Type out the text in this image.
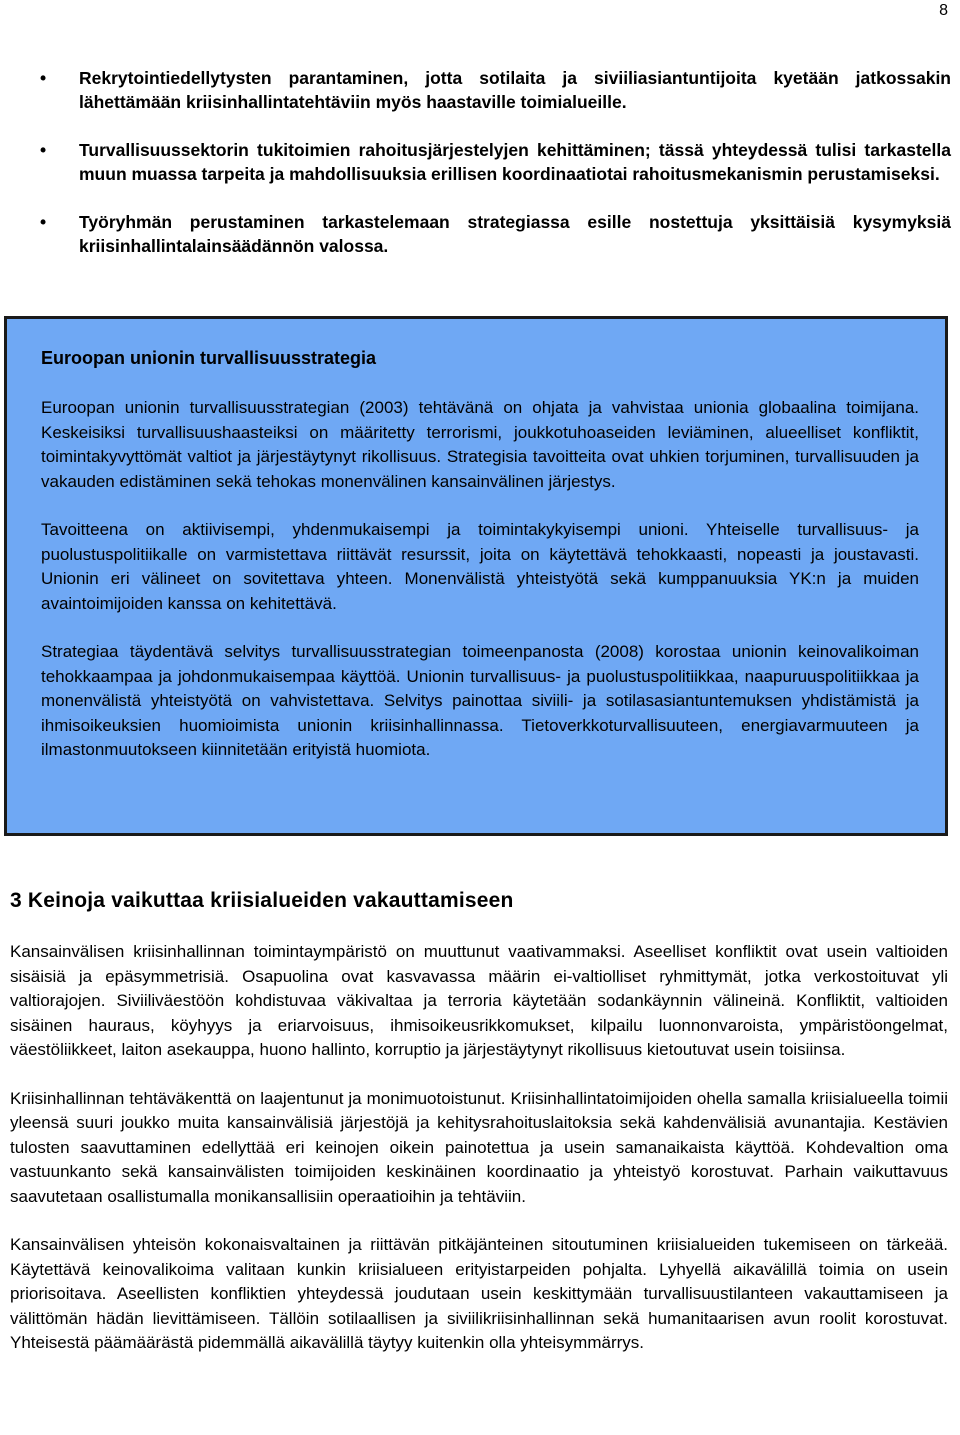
8
• Rekrytointiedellytysten parantaminen, jotta sotilaita ja siviiliasiantuntijoita kyetään jatkossakin lähettämään kriisinhallintatehtäviin myös haastaville toimialueille.
• Turvallisuussektorin tukitoimien rahoitusjärjestelyjen kehittäminen; tässä yhteydessä tulisi tarkastella muun muassa tarpeita ja mahdollisuuksia erillisen koordinaatiotai rahoitusmekanismin perustamiseksi.
• Työryhmän perustaminen tarkastelemaan strategiassa esille nostettuja yksittäisiä kysymyksiä kriisinhallintalainsäädännön valossa.
Euroopan unionin turvallisuusstrategia

Euroopan unionin turvallisuusstrategian (2003) tehtävänä on ohjata ja vahvistaa unionia globaalina toimijana. Keskeisiksi turvallisuushaasteiksi on määritetty terrorismi, joukkotuhoaseiden leviäminen, alueelliset konfliktit, toimintakyvyttömät valtiot ja järjestäytynyt rikollisuus. Strategisia tavoitteita ovat uhkien torjuminen, turvallisuuden ja vakauden edistäminen sekä tehokas monenvälinen kansainvälinen järjestys.

Tavoitteena on aktiivisempi, yhdenmukaisempi ja toimintakykyisempi unioni. Yhteiselle turvallisuus- ja puolustuspolitiikalle on varmistettava riittävät resurssit, joita on käytettävä tehokkaasti, nopeasti ja joustavasti. Unionin eri välineet on sovitettava yhteen. Monenvälistä yhteistyötä sekä kumppanuuksia YK:n ja muiden avaintoimijoiden kanssa on kehitettävä.

Strategiaa täydentävä selvitys turvallisuusstrategian toimeenpanosta (2008) korostaa unionin keinovalikoiman tehokkaampaa ja johdonmukaisempaa käyttöä. Unionin turvallisuus- ja puolustuspolitiikkaa, naapuruuspolitiikkaa ja monenvälistä yhteistyötä on vahvistettava. Selvitys painottaa siviili- ja sotilasasiantuntemuksen yhdistämistä ja ihmisoikeuksien huomioimista unionin kriisinhallinnassa. Tietoverkkoturvallisuuteen, energiavarmuuteen ja ilmastonmuutokseen kiinnitetään erityistä huomiota.

3 Keinoja vaikuttaa kriisialueiden vakauttamiseen

Kansainvälisen kriisinhallinnan toimintaympäristö on muuttunut vaativammaksi. Aseelliset konfliktit ovat usein valtioiden sisäisiä ja epäsymmetrisiä. Osapuolina ovat kasvavassa määrin ei-valtiolliset ryhmittymät, jotka verkostoituvat yli valtiorajojen. Siviiliväestöön kohdistuvaa väkivaltaa ja terroria käytetään sodankäynnin välineinä. Konfliktit, valtioiden sisäinen hauraus, köyhyys ja eriarvoisuus, ihmisoikeusrikkomukset, kilpailu luonnonvaroista, ympäristöongelmat, väestöliikkeet, laiton asekauppa, huono hallinto, korruptio ja järjestäytynyt rikollisuus kietoutuvat usein toisiinsa.

Kriisinhallinnan tehtäväkenttä on laajentunut ja monimuotoistunut. Kriisinhallintatoimijoiden ohella samalla kriisialueella toimii yleensä suuri joukko muita kansainvälisiä järjestöjä ja kehitysrahoituslaitoksia sekä kahdenvälisiä avunantajia. Kestävien tulosten saavuttaminen edellyttää eri keinojen oikein painotettua ja usein samanaikaista käyttöä. Kohdevaltion oma vastuunkanto sekä kansainvälisten toimijoiden keskinäinen koordinaatio ja yhteistyö korostuvat. Parhain vaikuttavuus saavutetaan osallistumalla monikansallisiin operaatioihin ja tehtäviin.

Kansainvälisen yhteisön kokonaisvaltainen ja riittävän pitkäjänteinen sitoutuminen kriisialueiden tukemiseen on tärkeää. Käytettävä keinovalikoima valitaan kunkin kriisialueen erityistarpeiden pohjalta. Lyhyellä aikavälillä toimia on usein priorisoitava. Aseellisten konfliktien yhteydessä joudutaan usein keskittymään turvallisuustilanteen vakauttamiseen ja välittömän hädän lievittämiseen. Tällöin sotilaallisen ja siviilikriisinhallinnan sekä humanitaarisen avun roolit korostuvat. Yhteisestä päämäärästä pidemmällä aikavälillä täytyy kuitenkin olla yhteisymmärrys.
